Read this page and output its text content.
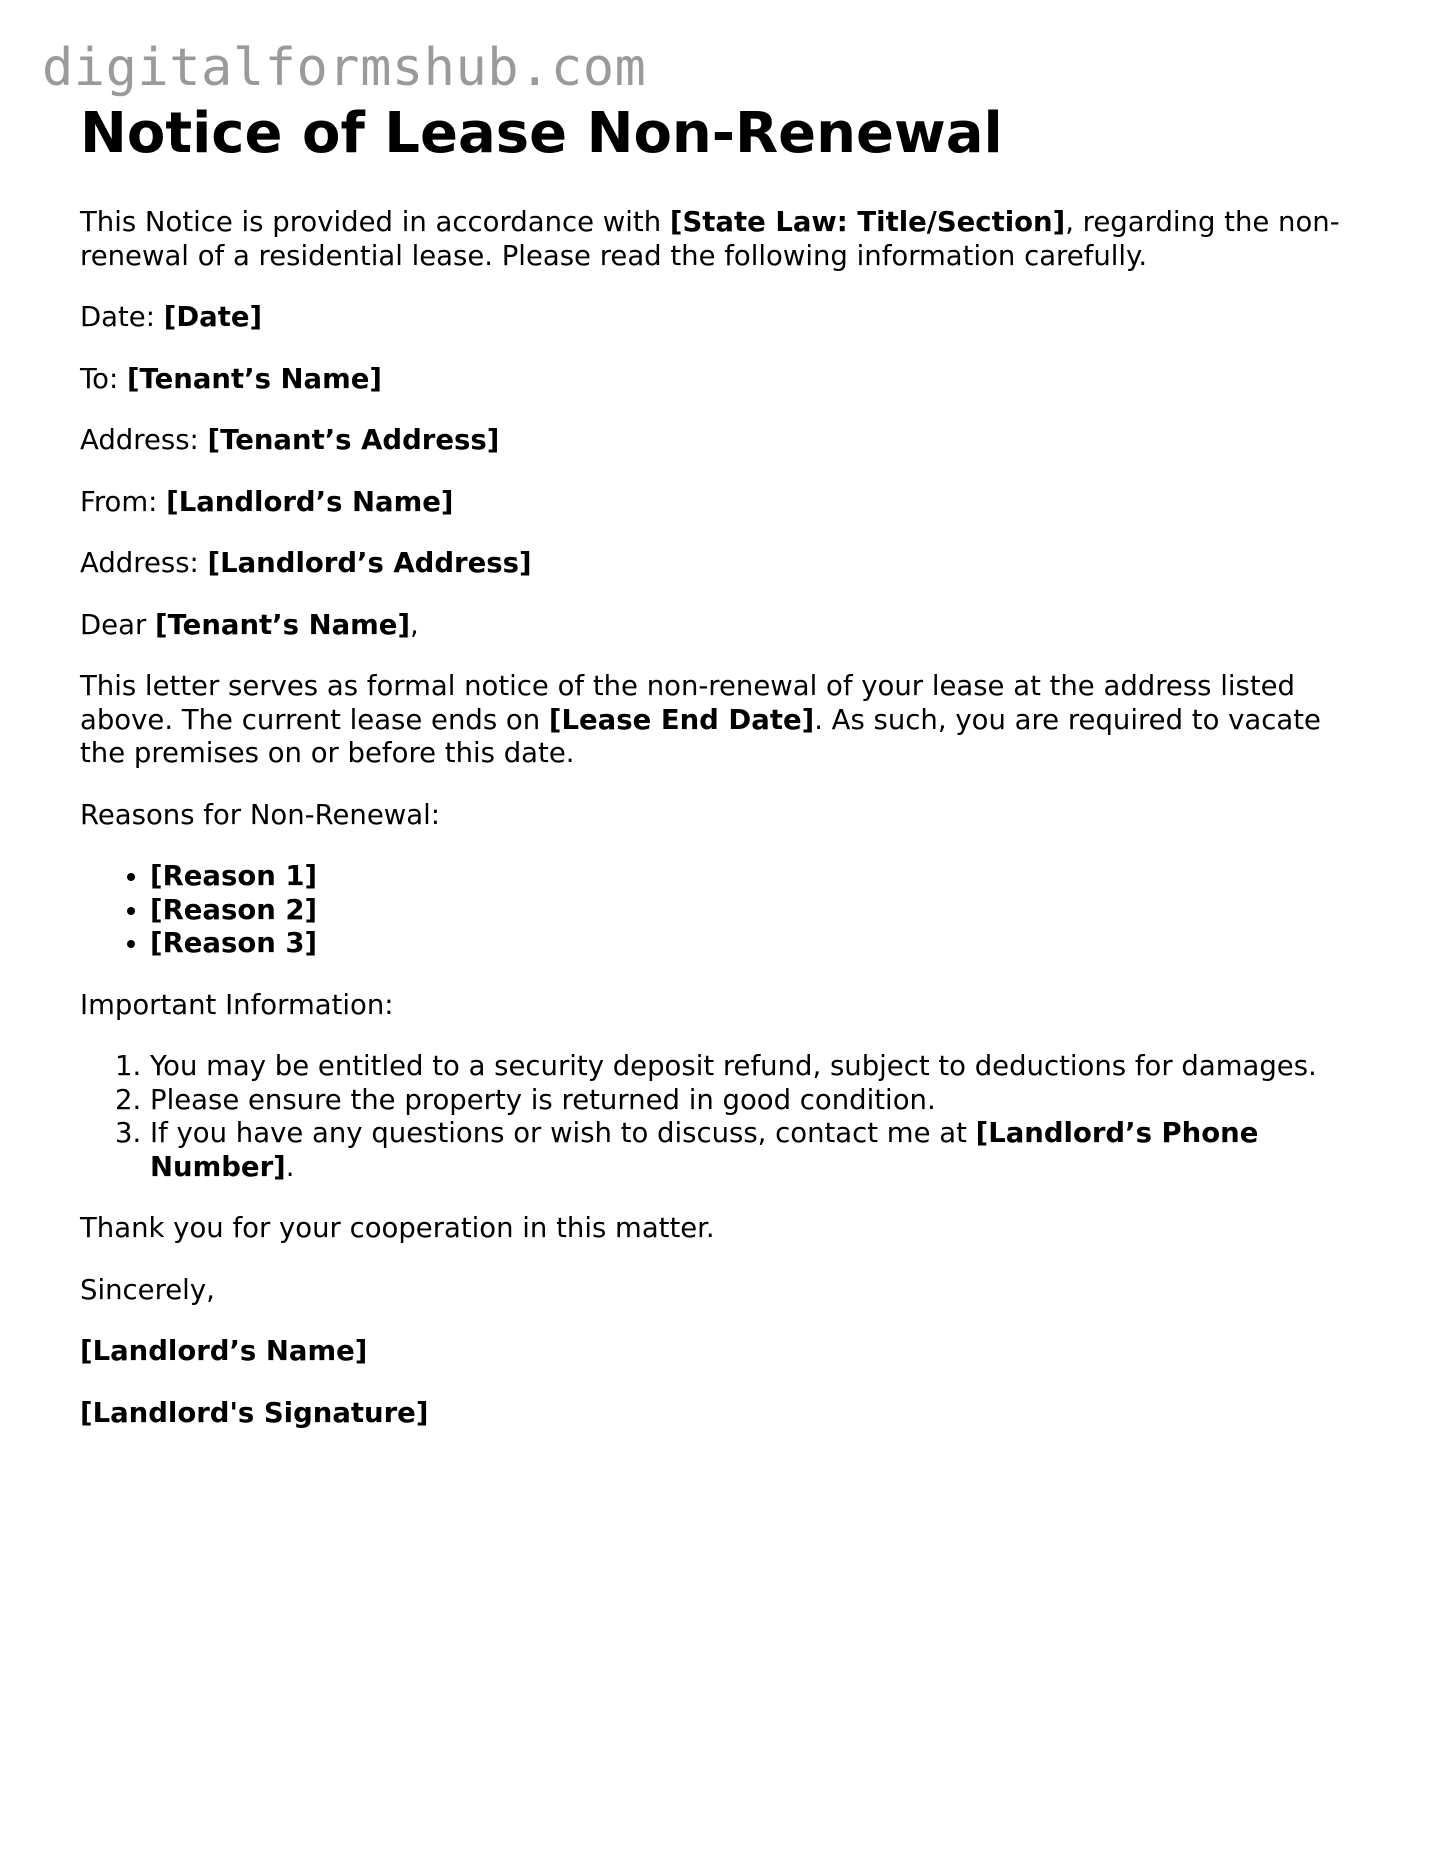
digitalformshub.com
Notice of Lease Non-Renewal

This Notice is provided in accordance with [State Law: Title/Section], regarding the non-renewal of a residential lease. Please read the following information carefully.

Date: [Date]

To: [Tenant’s Name]

Address: [Tenant’s Address]

From: [Landlord’s Name]

Address: [Landlord’s Address]

Dear [Tenant’s Name],

This letter serves as formal notice of the non-renewal of your lease at the address listed above. The current lease ends on [Lease End Date]. As such, you are required to vacate the premises on or before this date.

Reasons for Non-Renewal:

• [Reason 1]
• [Reason 2]
• [Reason 3]

Important Information:

1. You may be entitled to a security deposit refund, subject to deductions for damages.
2. Please ensure the property is returned in good condition.
3. If you have any questions or wish to discuss, contact me at [Landlord’s Phone Number].

Thank you for your cooperation in this matter.

Sincerely,

[Landlord’s Name]

[Landlord's Signature]
